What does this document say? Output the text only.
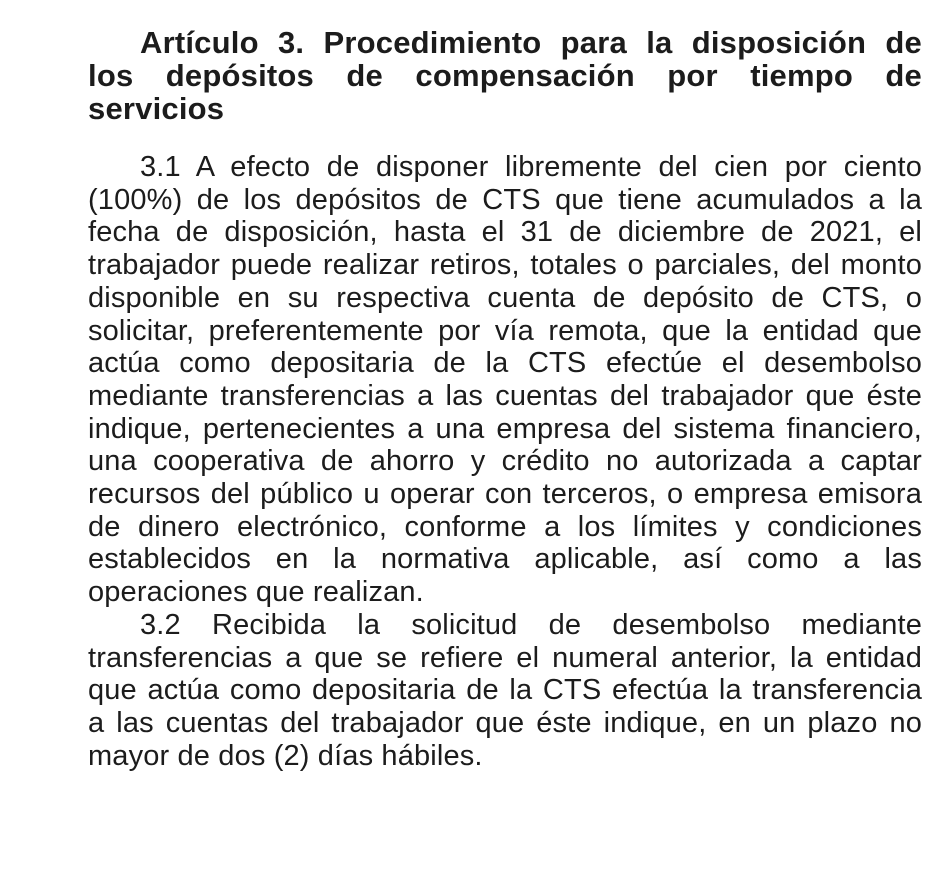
Artículo 3. Procedimiento para la disposición de los depósitos de compensación por tiempo de servicios

3.1 A efecto de disponer libremente del cien por ciento (100%) de los depósitos de CTS que tiene acumulados a la fecha de disposición, hasta el 31 de diciembre de 2021, el trabajador puede realizar retiros, totales o parciales, del monto disponible en su respectiva cuenta de depósito de CTS, o solicitar, preferentemente por vía remota, que la entidad que actúa como depositaria de la CTS efectúe el desembolso mediante transferencias a las cuentas del trabajador que éste indique, pertenecientes a una empresa del sistema financiero, una cooperativa de ahorro y crédito no autorizada a captar recursos del público u operar con terceros, o empresa emisora de dinero electrónico, conforme a los límites y condiciones establecidos en la normativa aplicable, así como a las operaciones que realizan.

3.2 Recibida la solicitud de desembolso mediante transferencias a que se refiere el numeral anterior, la entidad que actúa como depositaria de la CTS efectúa la transferencia a las cuentas del trabajador que éste indique, en un plazo no mayor de dos (2) días hábiles.
